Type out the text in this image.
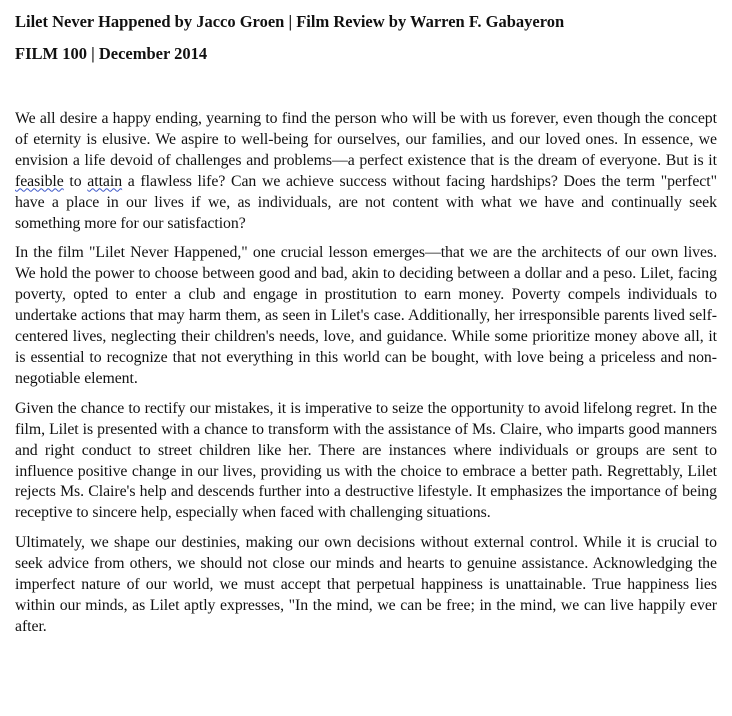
Lilet Never Happened by Jacco Groen | Film Review by Warren F. Gabayeron

FILM 100 | December 2014

We all desire a happy ending, yearning to find the person who will be with us forever, even though the concept of eternity is elusive. We aspire to well-being for ourselves, our families, and our loved ones. In essence, we envision a life devoid of challenges and problems—a perfect existence that is the dream of everyone. But is it feasible to attain a flawless life? Can we achieve success without facing hardships? Does the term "perfect" have a place in our lives if we, as individuals, are not content with what we have and continually seek something more for our satisfaction?

In the film "Lilet Never Happened," one crucial lesson emerges—that we are the architects of our own lives. We hold the power to choose between good and bad, akin to deciding between a dollar and a peso. Lilet, facing poverty, opted to enter a club and engage in prostitution to earn money. Poverty compels individuals to undertake actions that may harm them, as seen in Lilet's case. Additionally, her irresponsible parents lived self-centered lives, neglecting their children's needs, love, and guidance. While some prioritize money above all, it is essential to recognize that not everything in this world can be bought, with love being a priceless and non-negotiable element.

Given the chance to rectify our mistakes, it is imperative to seize the opportunity to avoid lifelong regret. In the film, Lilet is presented with a chance to transform with the assistance of Ms. Claire, who imparts good manners and right conduct to street children like her. There are instances where individuals or groups are sent to influence positive change in our lives, providing us with the choice to embrace a better path. Regrettably, Lilet rejects Ms. Claire's help and descends further into a destructive lifestyle. It emphasizes the importance of being receptive to sincere help, especially when faced with challenging situations.

Ultimately, we shape our destinies, making our own decisions without external control. While it is crucial to seek advice from others, we should not close our minds and hearts to genuine assistance. Acknowledging the imperfect nature of our world, we must accept that perpetual happiness is unattainable. True happiness lies within our minds, as Lilet aptly expresses, "In the mind, we can be free; in the mind, we can live happily ever after.
